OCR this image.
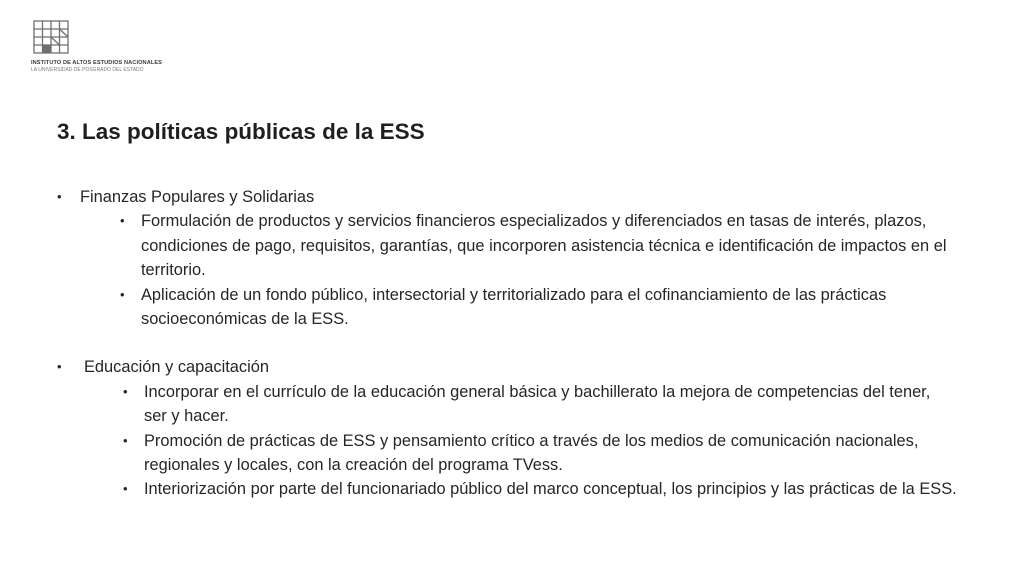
INSTITUTO DE ALTOS ESTUDIOS NACIONALES
LA UNIVERSIDAD DE POSGRADO DEL ESTADO
3. Las políticas públicas de la ESS
• Finanzas Populares y Solidarias
• Formulación de productos y servicios financieros especializados y diferenciados en tasas de interés, plazos, condiciones de pago, requisitos, garantías, que incorporen asistencia técnica e identificación de impactos en el territorio.
• Aplicación de un fondo público, intersectorial y territorializado para el cofinanciamiento de las prácticas socioeconómicas de la ESS.
• Educación y capacitación
• Incorporar en el currículo de la educación general básica y bachillerato la mejora de competencias del tener, ser y hacer.
• Promoción de prácticas de ESS y pensamiento crítico a través de los medios de comunicación nacionales, regionales y locales, con la creación del programa TVess.
• Interiorización por parte del funcionariado público del marco conceptual, los principios y las prácticas de la ESS.
